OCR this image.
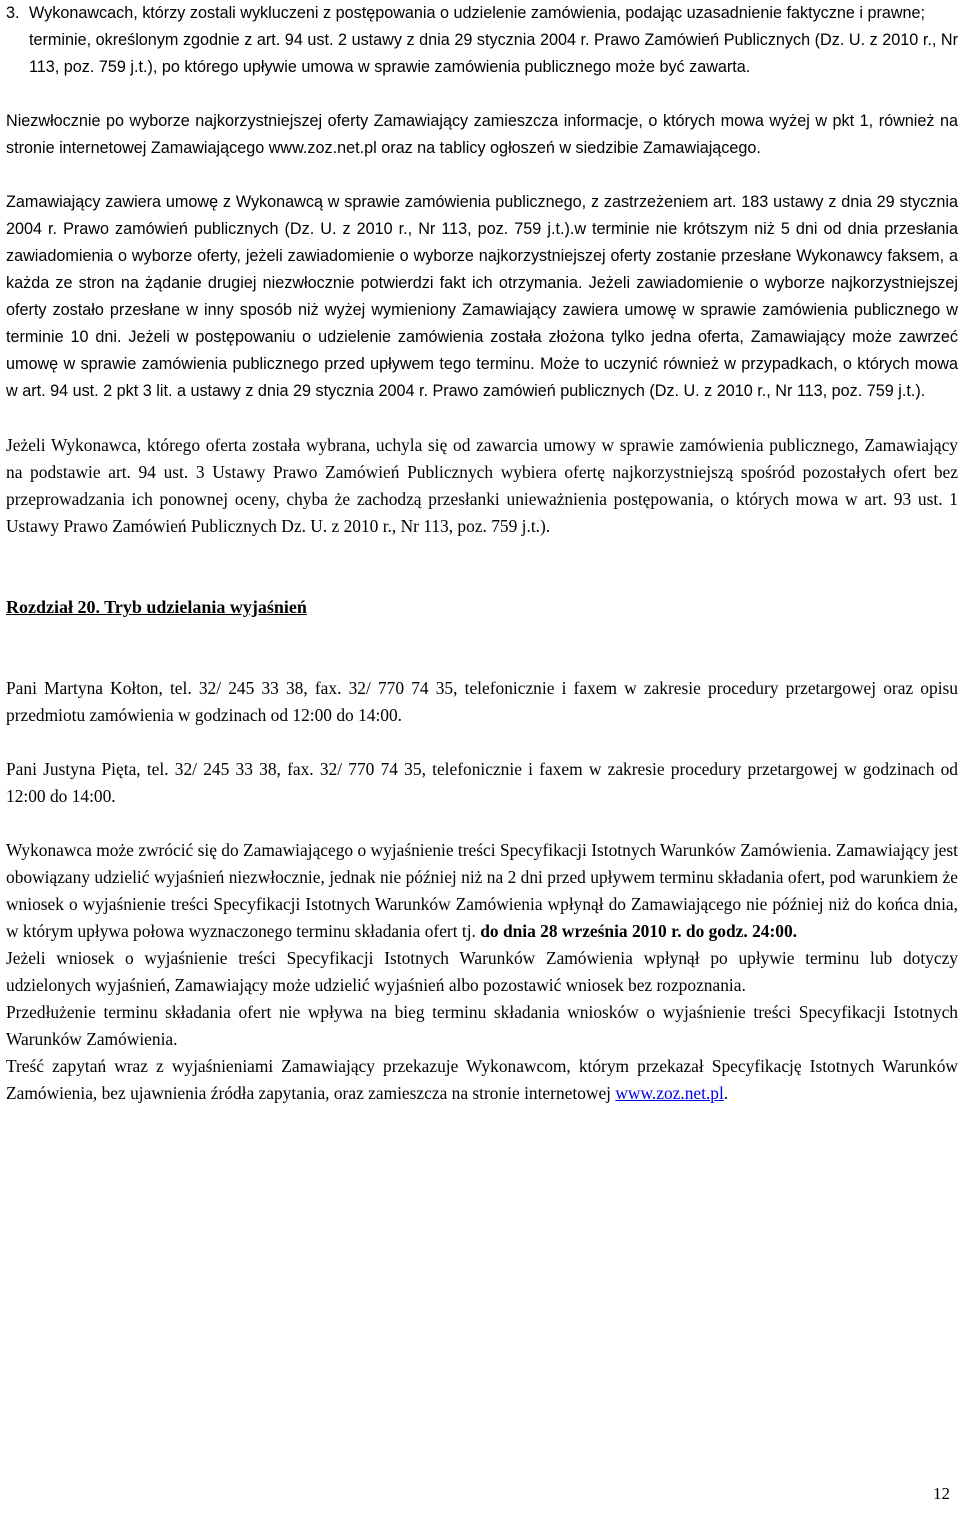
3. Wykonawcach, którzy zostali wykluczeni z postępowania o udzielenie zamówienia, podając uzasadnienie faktyczne i prawne;

terminie, określonym zgodnie z art. 94 ust. 2 ustawy z dnia 29 stycznia 2004 r. Prawo Zamówień Publicznych (Dz. U. z 2010 r., Nr 113, poz. 759 j.t.), po którego upływie umowa w sprawie zamówienia publicznego może być zawarta.

Niezwłocznie po wyborze najkorzystniejszej oferty Zamawiający zamieszcza informacje, o których mowa wyżej w pkt 1, również na stronie internetowej Zamawiającego www.zoz.net.pl oraz na tablicy ogłoszeń w siedzibie Zamawiającego.

Zamawiający zawiera umowę z Wykonawcą w sprawie zamówienia publicznego, z zastrzeżeniem art. 183 ustawy z dnia 29 stycznia 2004 r. Prawo zamówień publicznych (Dz. U. z 2010 r., Nr 113, poz. 759 j.t.).w terminie nie krótszym niż 5 dni od dnia przesłania zawiadomienia o wyborze oferty, jeżeli zawiadomienie o wyborze najkorzystniejszej oferty zostanie przesłane Wykonawcy faksem, a każda ze stron na żądanie drugiej niezwłocznie potwierdzi fakt ich otrzymania. Jeżeli zawiadomienie o wyborze najkorzystniejszej oferty zostało przesłane w inny sposób niż wyżej wymieniony Zamawiający zawiera umowę w sprawie zamówienia publicznego w terminie 10 dni. Jeżeli w postępowaniu o udzielenie zamówienia została złożona tylko jedna oferta, Zamawiający może zawrzeć umowę w sprawie zamówienia publicznego przed upływem tego terminu. Może to uczynić również w przypadkach, o których mowa w art. 94 ust. 2 pkt 3 lit. a ustawy z dnia 29 stycznia 2004 r. Prawo zamówień publicznych (Dz. U. z 2010 r., Nr 113, poz. 759 j.t.).

Jeżeli Wykonawca, którego oferta została wybrana, uchyla się od zawarcia umowy w sprawie zamówienia publicznego, Zamawiający na podstawie art. 94 ust. 3 Ustawy Prawo Zamówień Publicznych wybiera ofertę najkorzystniejszą spośród pozostałych ofert bez przeprowadzania ich ponownej oceny, chyba że zachodzą przesłanki unieważnienia postępowania, o których mowa w art. 93 ust. 1 Ustawy Prawo Zamówień Publicznych Dz. U. z 2010 r., Nr 113, poz. 759 j.t.).

Rozdział 20. Tryb udzielania wyjaśnień

Pani Martyna Kołton, tel. 32/ 245 33 38, fax. 32/ 770 74 35, telefonicznie i faxem w zakresie procedury przetargowej oraz opisu przedmiotu zamówienia w godzinach od 12:00 do 14:00.

Pani Justyna Pięta, tel. 32/ 245 33 38, fax. 32/ 770 74 35, telefonicznie i faxem w zakresie procedury przetargowej w godzinach od 12:00 do 14:00.

Wykonawca może zwrócić się do Zamawiającego o wyjaśnienie treści Specyfikacji Istotnych Warunków Zamówienia. Zamawiający jest obowiązany udzielić wyjaśnień niezwłocznie, jednak nie później niż na 2 dni przed upływem terminu składania ofert, pod warunkiem że wniosek o wyjaśnienie treści Specyfikacji Istotnych Warunków Zamówienia wpłynął do Zamawiającego nie później niż do końca dnia, w którym upływa połowa wyznaczonego terminu składania ofert tj. do dnia 28 września 2010 r. do godz. 24:00.

Jeżeli wniosek o wyjaśnienie treści Specyfikacji Istotnych Warunków Zamówienia wpłynął po upływie terminu lub dotyczy udzielonych wyjaśnień, Zamawiający może udzielić wyjaśnień albo pozostawić wniosek bez rozpoznania.

Przedłużenie terminu składania ofert nie wpływa na bieg terminu składania wniosków o wyjaśnienie treści Specyfikacji Istotnych Warunków Zamówienia.

Treść zapytań wraz z wyjaśnieniami Zamawiający przekazuje Wykonawcom, którym przekazał Specyfikację Istotnych Warunków Zamówienia, bez ujawnienia źródła zapytania, oraz zamieszcza na stronie internetowej www.zoz.net.pl.

12
